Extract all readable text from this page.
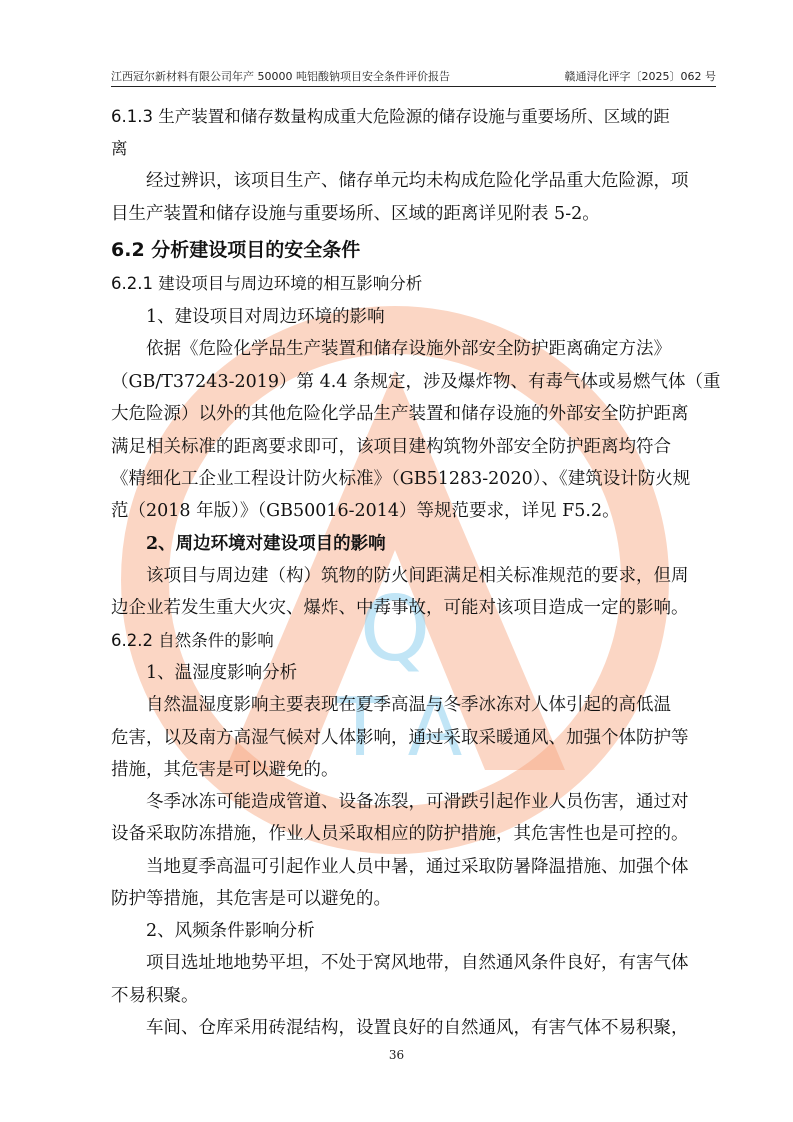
Q
T A
江西冠尔新材料有限公司年产 50000 吨铝酸钠项目安全条件评价报告	赣通浔化评字〔2025〕062 号
6.1.3 生产装置和储存数量构成重大危险源的储存设施与重要场所、区域的距
离
经过辨识，该项目生产、储存单元均未构成危险化学品重大危险源，项
目生产装置和储存设施与重要场所、区域的距离详见附表 5-2。
6.2 分析建设项目的安全条件
6.2.1 建设项目与周边环境的相互影响分析
1、建设项目对周边环境的影响
依据《危险化学品生产装置和储存设施外部安全防护距离确定方法》
（GB/T37243-2019）第 4.4 条规定，涉及爆炸物、有毒气体或易燃气体（重
大危险源）以外的其他危险化学品生产装置和储存设施的外部安全防护距离
满足相关标准的距离要求即可，该项目建构筑物外部安全防护距离均符合
《精细化工企业工程设计防火标准》（GB51283-2020）、《建筑设计防火规
范（2018 年版）》（GB50016-2014）等规范要求，详见 F5.2。
2、周边环境对建设项目的影响
该项目与周边建（构）筑物的防火间距满足相关标准规范的要求，但周
边企业若发生重大火灾、爆炸、中毒事故，可能对该项目造成一定的影响。
6.2.2 自然条件的影响
1、温湿度影响分析
自然温湿度影响主要表现在夏季高温与冬季冰冻对人体引起的高低温
危害，以及南方高湿气候对人体影响，通过采取采暖通风、加强个体防护等
措施，其危害是可以避免的。
冬季冰冻可能造成管道、设备冻裂，可滑跌引起作业人员伤害，通过对
设备采取防冻措施，作业人员采取相应的防护措施，其危害性也是可控的。
当地夏季高温可引起作业人员中暑，通过采取防暑降温措施、加强个体
防护等措施，其危害是可以避免的。
2、风频条件影响分析
项目选址地地势平坦，不处于窝风地带，自然通风条件良好，有害气体
不易积聚。
车间、仓库采用砖混结构，设置良好的自然通风，有害气体不易积聚，
36
